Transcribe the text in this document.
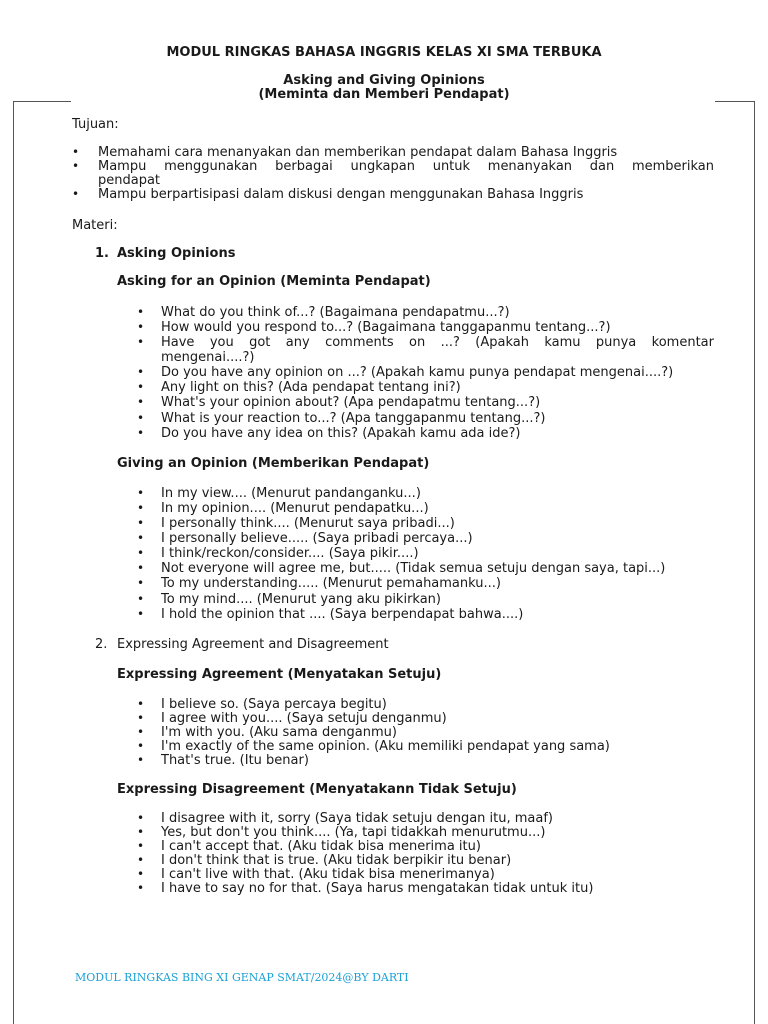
MODUL RINGKAS BAHASA INGGRIS KELAS XI SMA TERBUKA
Asking and Giving Opinions
(Meminta dan Memberi Pendapat)
Tujuan:
• Memahami cara menanyakan dan memberikan pendapat dalam Bahasa Inggris
• Mampu menggunakan berbagai ungkapan untuk menanyakan dan memberikan
pendapat
• Mampu berpartisipasi dalam diskusi dengan menggunakan Bahasa Inggris
Materi:
1. Asking Opinions
Asking for an Opinion (Meminta Pendapat)
• What do you think of...? (Bagaimana pendapatmu...?)
• How would you respond to...? (Bagaimana tanggapanmu tentang...?)
• Have you got any comments on ...? (Apakah kamu punya komentar
mengenai....?)
• Do you have any opinion on ...? (Apakah kamu punya pendapat mengenai....?)
• Any light on this? (Ada pendapat tentang ini?)
• What's your opinion about? (Apa pendapatmu tentang...?)
• What is your reaction to...? (Apa tanggapanmu tentang...?)
• Do you have any idea on this? (Apakah kamu ada ide?)
Giving an Opinion (Memberikan Pendapat)
• In my view.... (Menurut pandanganku...)
• In my opinion.... (Menurut pendapatku...)
• I personally think.... (Menurut saya pribadi...)
• I personally believe..... (Saya pribadi percaya...)
• I think/reckon/consider.... (Saya pikir....)
• Not everyone will agree me, but..... (Tidak semua setuju dengan saya, tapi...)
• To my understanding..... (Menurut pemahamanku...)
• To my mind.... (Menurut yang aku pikirkan)
• I hold the opinion that .... (Saya berpendapat bahwa....)
2. Expressing Agreement and Disagreement
Expressing Agreement (Menyatakan Setuju)
• I believe so. (Saya percaya begitu)
• I agree with you.... (Saya setuju denganmu)
• I'm with you. (Aku sama denganmu)
• I'm exactly of the same opinion. (Aku memiliki pendapat yang sama)
• That's true. (Itu benar)
Expressing Disagreement (Menyatakann Tidak Setuju)
• I disagree with it, sorry (Saya tidak setuju dengan itu, maaf)
• Yes, but don't you think.... (Ya, tapi tidakkah menurutmu...)
• I can't accept that. (Aku tidak bisa menerima itu)
• I don't think that is true. (Aku tidak berpikir itu benar)
• I can't live with that. (Aku tidak bisa menerimanya)
• I have to say no for that. (Saya harus mengatakan tidak untuk itu)
MODUL RINGKAS BING XI GENAP SMAT/2024@BY DARTI
